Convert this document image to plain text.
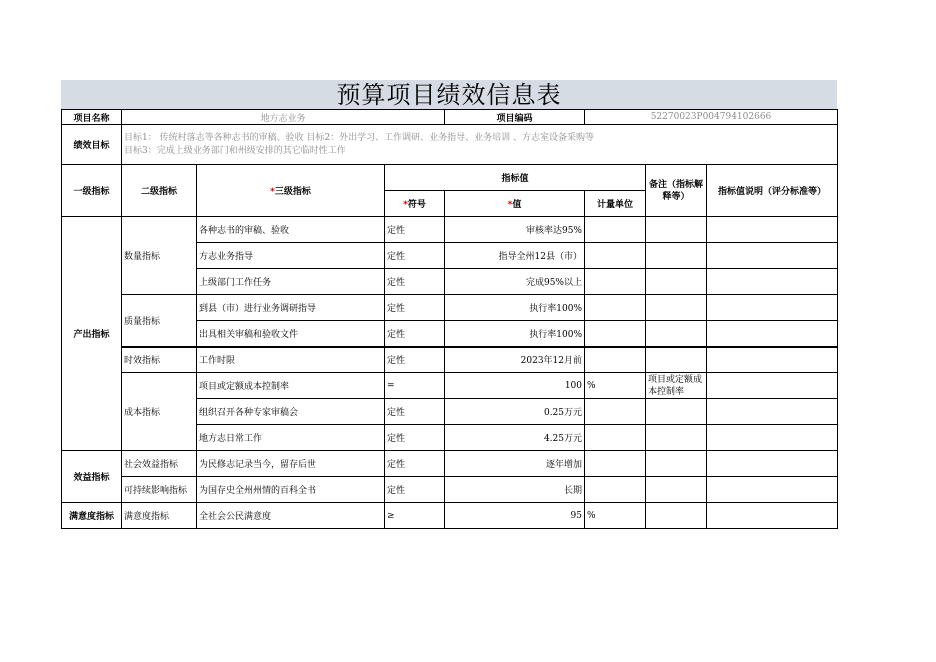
预算项目绩效信息表
项目名称	地方志业务			项目编码	52270023P004794102666		
绩效目标	目标1： 传统村落志等各种志书的审稿、验收 目标2：外出学习、工作调研、业务指导、业务培训 、方志室设备采购等
目标3：完成上级业务部门和州级安排的其它临时性工作						

一级指标	二级指标	*三级指标	指标值			备注（指标解释等）	指标值说明（评分标准等）
			*符号	*值	计量单位		
产出指标	数量指标	各种志书的审稿、验收	定性	审核率达95%			
		方志业务指导	定性	指导全州12县（市）			
		上级部门工作任务	定性	完成95%以上			
	质量指标	到县（市）进行业务调研指导	定性	执行率100%			
		出具相关审稿和验收文件	定性	执行率100%			
	时效指标	工作时限	定性	2023年12月前			
	成本指标	项目或定额成本控制率	=	100	%	项目或定额成本控制率	
		组织召开各种专家审稿会	定性	0.25万元			
		地方志日常工作	定性	4.25万元			
效益指标	社会效益指标	为民修志记录当今，留存后世	定性	逐年增加			
	可持续影响指标	为国存史全州州情的百科全书	定性	长期			
满意度指标	满意度指标	全社会公民满意度	≥	95	%		
